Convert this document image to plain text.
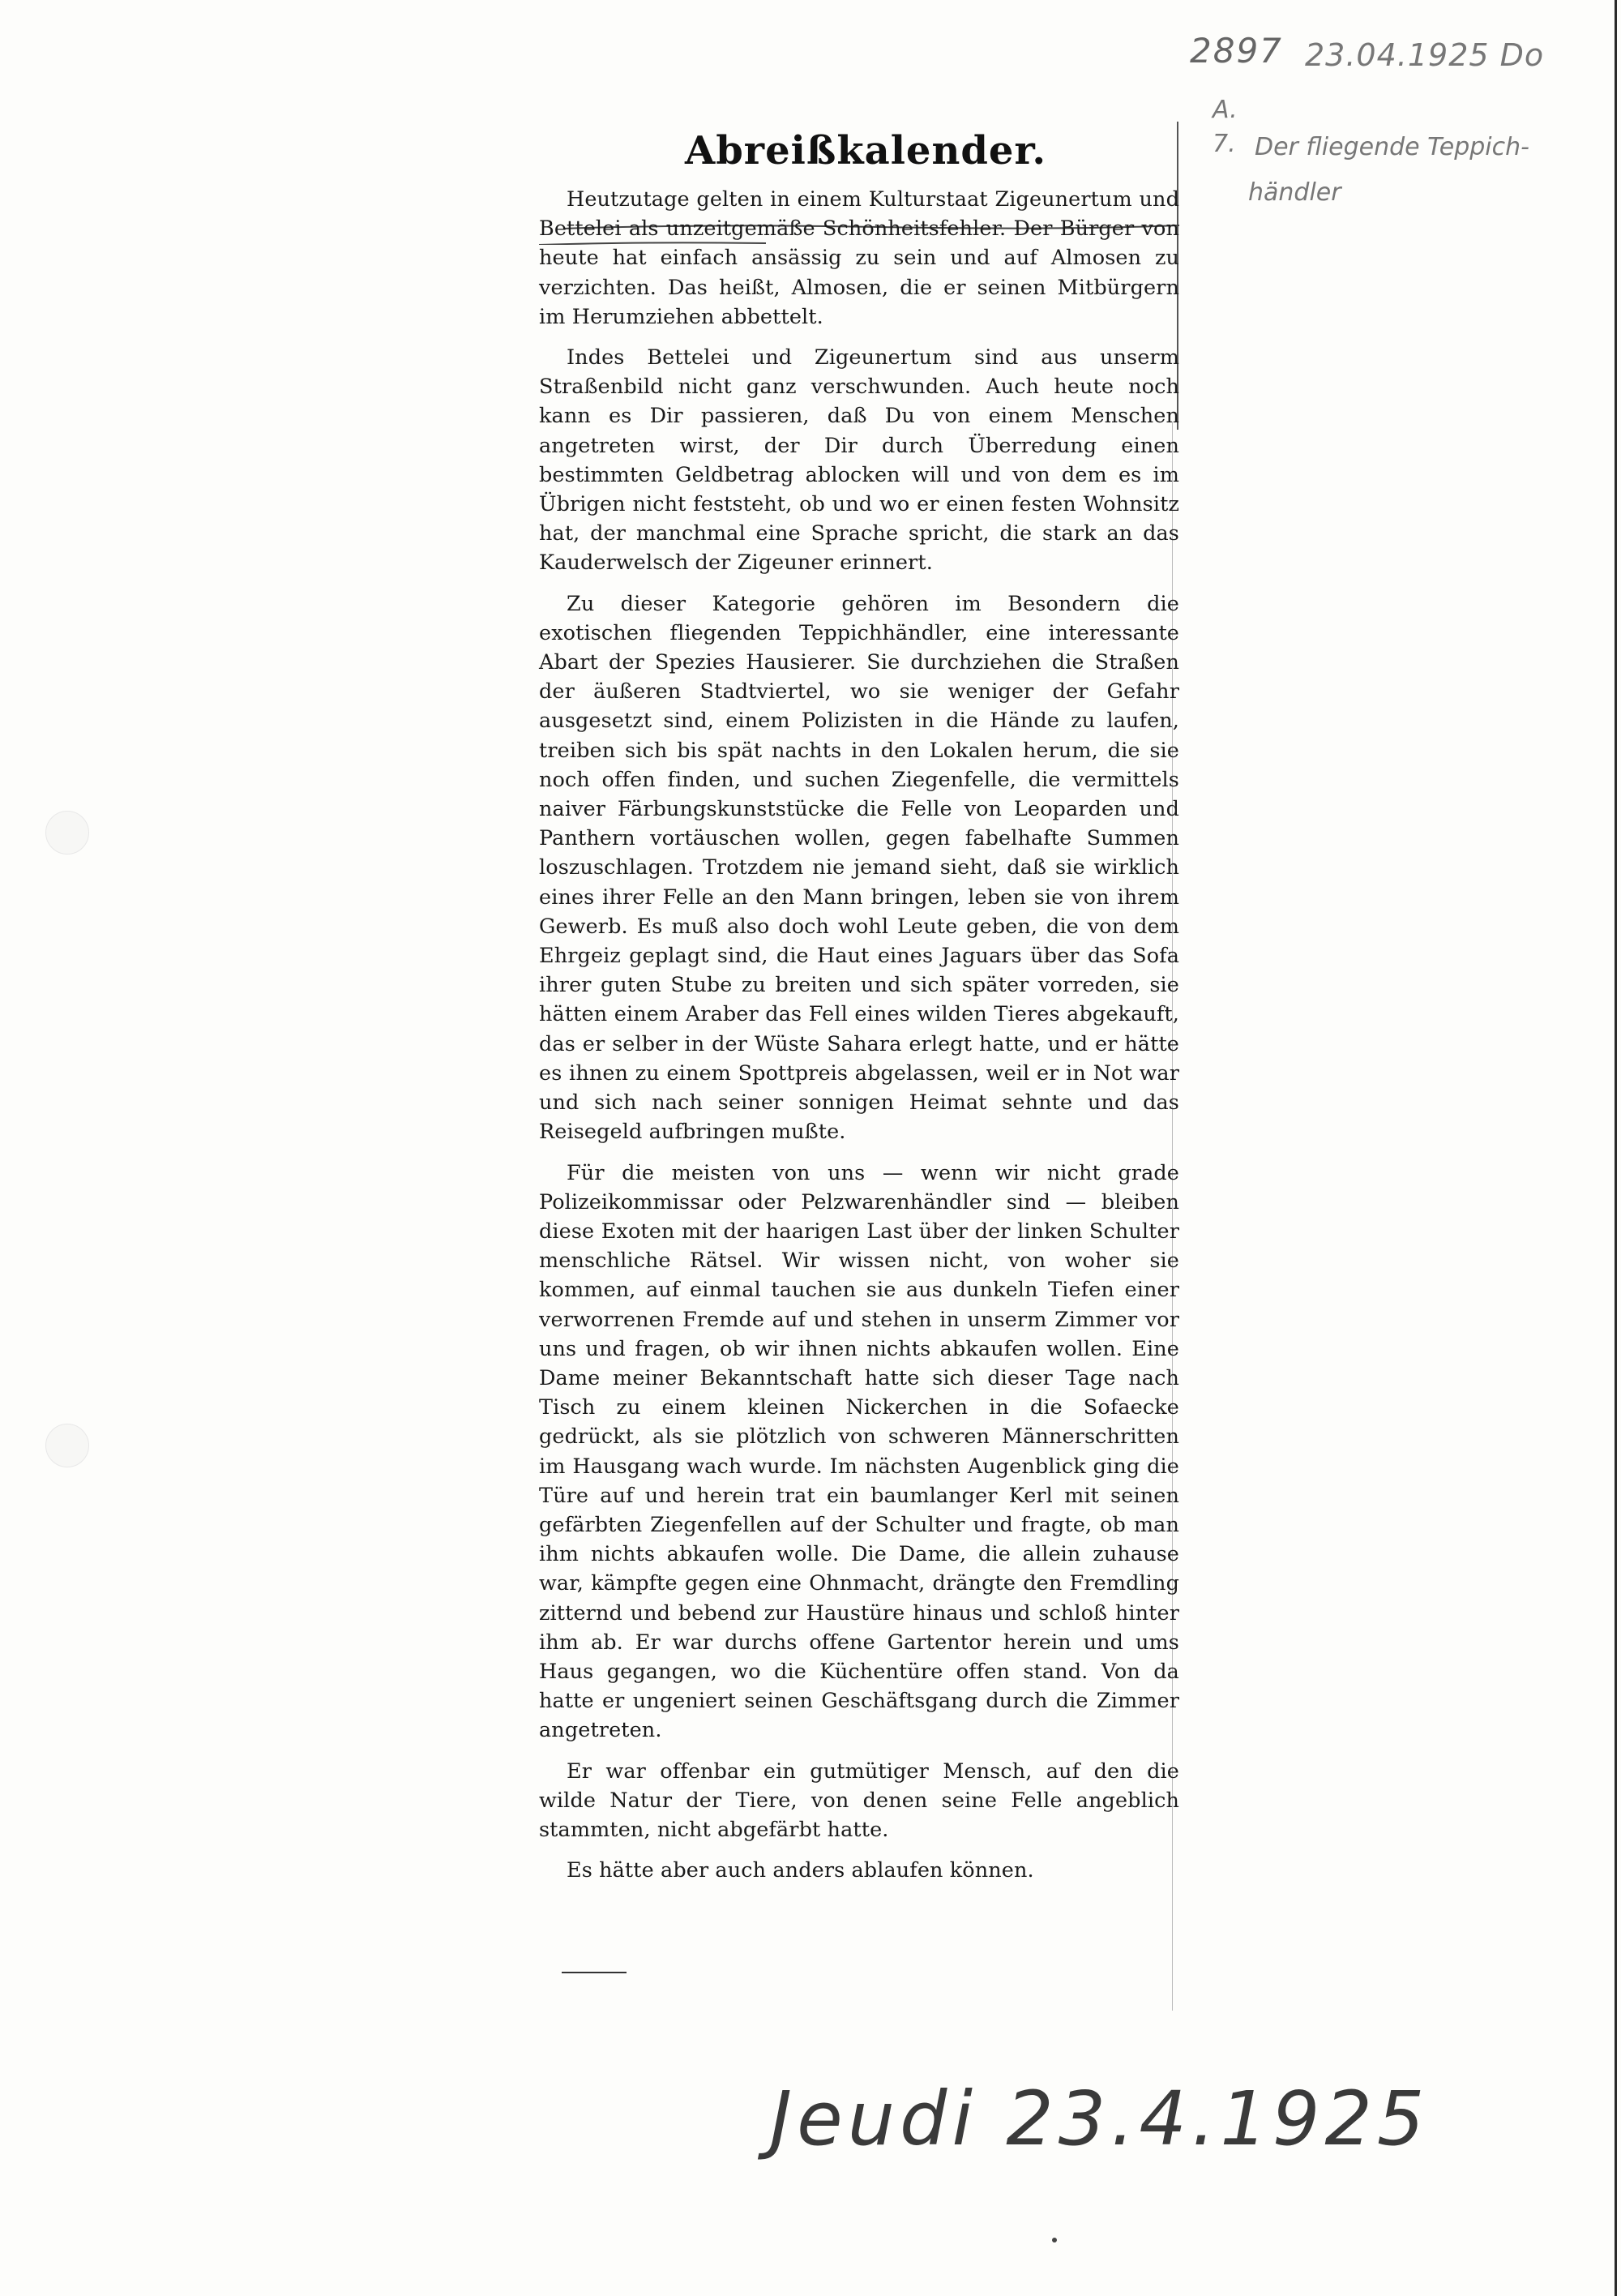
2897 23.04.1925 Do
A.
7. Der fliegende Teppich-
händler
Abreißkalender.

Heutzutage gelten in einem Kulturstaat Zigeunertum und Bettelei als unzeitgemäße Schönheitsfehler. Der Bürger von heute hat einfach ansässig zu sein und auf Almosen zu verzichten. Das heißt, Almosen, die er seinen Mitbürgern im Herumziehen abbettelt.

Indes Bettelei und Zigeunertum sind aus unserm Straßenbild nicht ganz verschwunden. Auch heute noch kann es Dir passieren, daß Du von einem Menschen angetreten wirst, der Dir durch Überredung einen bestimmten Geldbetrag ablocken will und von dem es im Übrigen nicht feststeht, ob und wo er einen festen Wohnsitz hat, der manchmal eine Sprache spricht, die stark an das Kauderwelsch der Zigeuner erinnert.

Zu dieser Kategorie gehören im Besondern die exotischen fliegenden Teppichhändler, eine interessante Abart der Spezies Hausierer. Sie durchziehen die Straßen der äußeren Stadtviertel, wo sie weniger der Gefahr ausgesetzt sind, einem Polizisten in die Hände zu laufen, treiben sich bis spät nachts in den Lokalen herum, die sie noch offen finden, und suchen Ziegenfelle, die vermittels naiver Färbungskunststücke die Felle von Leoparden und Panthern vortäuschen wollen, gegen fabelhafte Summen loszuschlagen. Trotzdem nie jemand sieht, daß sie wirklich eines ihrer Felle an den Mann bringen, leben sie von ihrem Gewerb. Es muß also doch wohl Leute geben, die von dem Ehrgeiz geplagt sind, die Haut eines Jaguars über das Sofa ihrer guten Stube zu breiten und sich später vorreden, sie hätten einem Araber das Fell eines wilden Tieres abgekauft, das er selber in der Wüste Sahara erlegt hatte, und er hätte es ihnen zu einem Spottpreis abgelassen, weil er in Not war und sich nach seiner sonnigen Heimat sehnte und das Reisegeld aufbringen mußte.

Für die meisten von uns — wenn wir nicht grade Polizeikommissar oder Pelzwarenhändler sind — bleiben diese Exoten mit der haarigen Last über der linken Schulter menschliche Rätsel. Wir wissen nicht, von woher sie kommen, auf einmal tauchen sie aus dunkeln Tiefen einer verworrenen Fremde auf und stehen in unserm Zimmer vor uns und fragen, ob wir ihnen nichts abkaufen wollen. Eine Dame meiner Bekanntschaft hatte sich dieser Tage nach Tisch zu einem kleinen Nickerchen in die Sofaecke gedrückt, als sie plötzlich von schweren Männerschritten im Hausgang wach wurde. Im nächsten Augenblick ging die Türe auf und herein trat ein baumlanger Kerl mit seinen gefärbten Ziegenfellen auf der Schulter und fragte, ob man ihm nichts abkaufen wolle. Die Dame, die allein zuhause war, kämpfte gegen eine Ohnmacht, drängte den Fremdling zitternd und bebend zur Haustüre hinaus und schloß hinter ihm ab. Er war durchs offene Gartentor herein und ums Haus gegangen, wo die Küchentüre offen stand. Von da hatte er ungeniert seinen Geschäftsgang durch die Zimmer angetreten.

Er war offenbar ein gutmütiger Mensch, auf den die wilde Natur der Tiere, von denen seine Felle angeblich stammten, nicht abgefärbt hatte.

Es hätte aber auch anders ablaufen können.

Jeudi 23.4.1925
